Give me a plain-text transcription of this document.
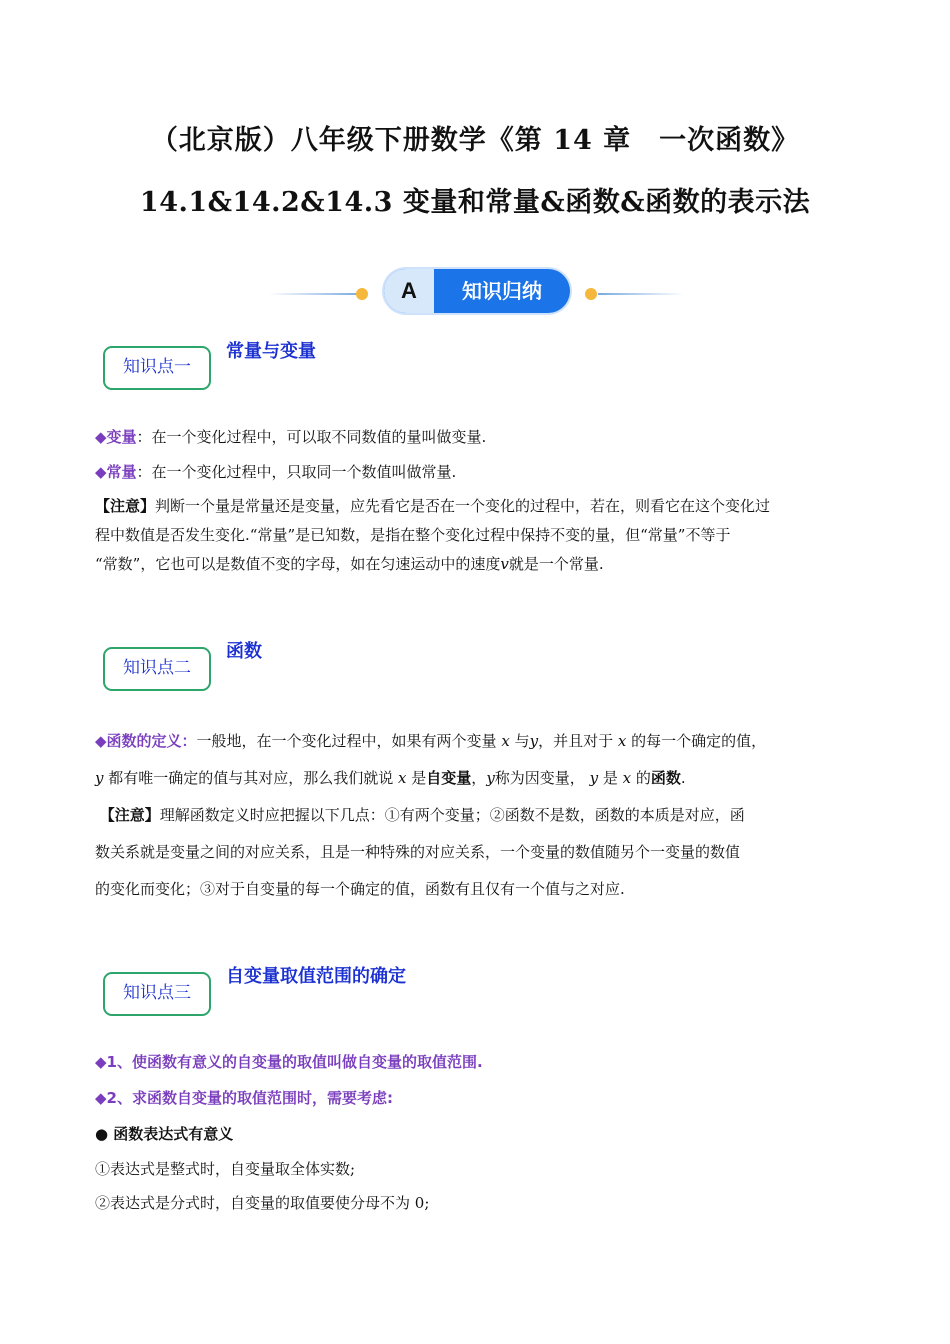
（北京版）八年级下册数学《第 14 章　一次函数》
14.1&14.2&14.3 变量和常量&函数&函数的表示法
A	知识归纳
知识点一
常量与变量
◆变量：在一个变化过程中，可以取不同数值的量叫做变量.
◆常量：在一个变化过程中，只取同一个数值叫做常量.
【注意】判断一个量是常量还是变量，应先看它是否在一个变化的过程中，若在，则看它在这个变化过
程中数值是否发生变化.“常量”是已知数，是指在整个变化过程中保持不变的量，但“常量”不等于
“常数”，它也可以是数值不变的字母，如在匀速运动中的速度v就是一个常量.
知识点二
函数
◆函数的定义：一般地，在一个变化过程中，如果有两个变量 x 与y，并且对于 x 的每一个确定的值，
y 都有唯一确定的值与其对应，那么我们就说 x 是自变量，y称为因变量， y 是 x 的函数.
【注意】理解函数定义时应把握以下几点：①有两个变量；②函数不是数，函数的本质是对应，函
数关系就是变量之间的对应关系，且是一种特殊的对应关系，一个变量的数值随另个一变量的数值
的变化而变化；③对于自变量的每一个确定的值，函数有且仅有一个值与之对应.
知识点三
自变量取值范围的确定
◆1、使函数有意义的自变量的取值叫做自变量的取值范围.
◆2、求函数自变量的取值范围时，需要考虑:
● 函数表达式有意义
①表达式是整式时，自变量取全体实数;
②表达式是分式时，自变量的取值要使分母不为 0;
